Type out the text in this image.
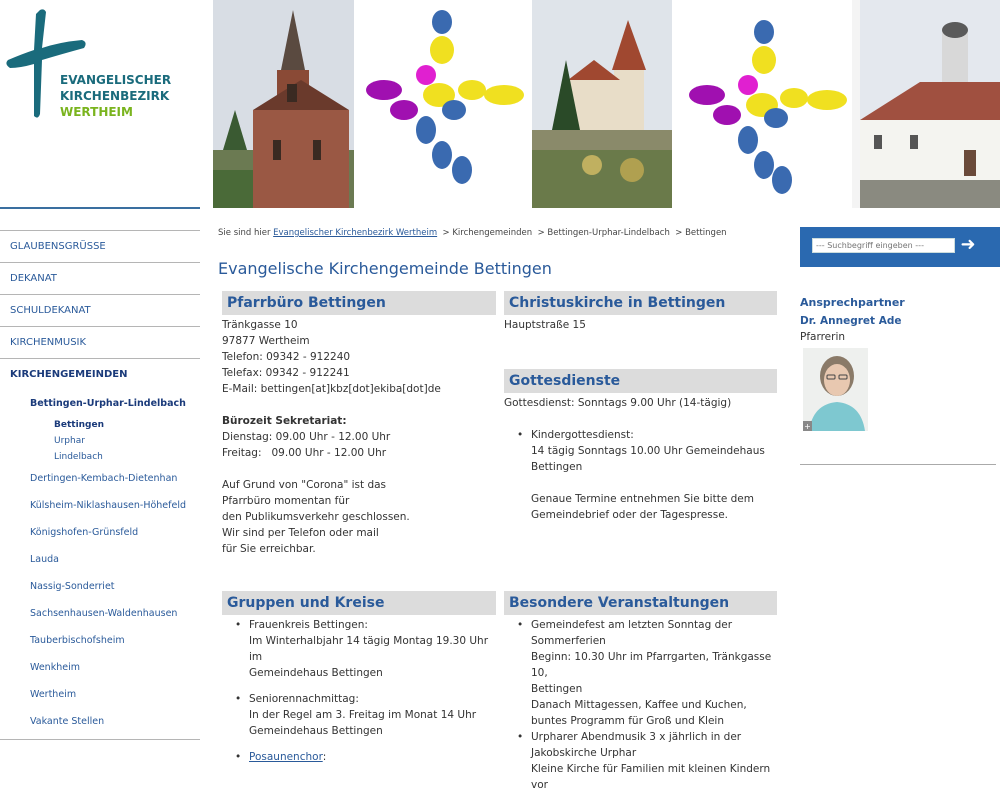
EVANGELISCHER
KIRCHENBEZIRK
WERTHEIM
GLAUBENSGRÜSSE
DEKANAT
SCHULDEKANAT
KIRCHENMUSIK
KIRCHENGEMEINDEN
Bettingen-Urphar-Lindelbach
Bettingen
Urphar
Lindelbach
Dertingen-Kembach-Dietenhan
Külsheim-Niklashausen-Höhefeld
Königshofen-Grünsfeld
Lauda
Nassig-Sonderriet
Sachsenhausen-Waldenhausen
Tauberbischofsheim
Wenkheim
Wertheim
Vakante Stellen
Sie sind hier Evangelischer Kirchenbezirk Wertheim > Kirchengemeinden > Bettingen-Urphar-Lindelbach > Bettingen
Evangelische Kirchengemeinde Bettingen
Pfarrbüro Bettingen
Tränkgasse 10
97877 Wertheim
Telefon: 09342 - 912240
Telefax: 09342 - 912241
E-Mail: bettingen[at]kbz[dot]ekiba[dot]de
Bürozeit Sekretariat:
Dienstag: 09.00 Uhr - 12.00 Uhr
Freitag:   09.00 Uhr - 12.00 Uhr
Auf Grund von "Corona" ist das
Pfarrbüro momentan für
den Publikumsverkehr geschlossen.
Wir sind per Telefon oder mail
für Sie erreichbar.
Christuskirche in Bettingen
Hauptstraße 15
Gottesdienste
Gottesdienst: Sonntags 9.00 Uhr (14-tägig)
• Kindergottesdienst:
14 tägig Sonntags 10.00 Uhr Gemeindehaus
Bettingen
Genaue Termine entnehmen Sie bitte dem
Gemeindebrief oder der Tagespresse.
Gruppen und Kreise
• Frauenkreis Bettingen:
Im Winterhalbjahr 14 tägig Montag 19.30 Uhr im
Gemeindehaus Bettingen
• Seniorennachmittag:
In der Regel am 3. Freitag im Monat 14 Uhr
Gemeindehaus Bettingen
• Posaunenchor:
Besondere Veranstaltungen
• Gemeindefest am letzten Sonntag der
Sommerferien
Beginn: 10.30 Uhr im Pfarrgarten, Tränkgasse 10,
Bettingen
Danach Mittagessen, Kaffee und Kuchen,
buntes Programm für Groß und Klein
• Urpharer Abendmusik 3 x jährlich in der
Jakobskirche Urphar
Kleine Kirche für Familien mit kleinen Kindern vor
--- Suchbegriff eingeben ---
➜
Ansprechpartner
Dr. Annegret Ade
Pfarrerin
+
